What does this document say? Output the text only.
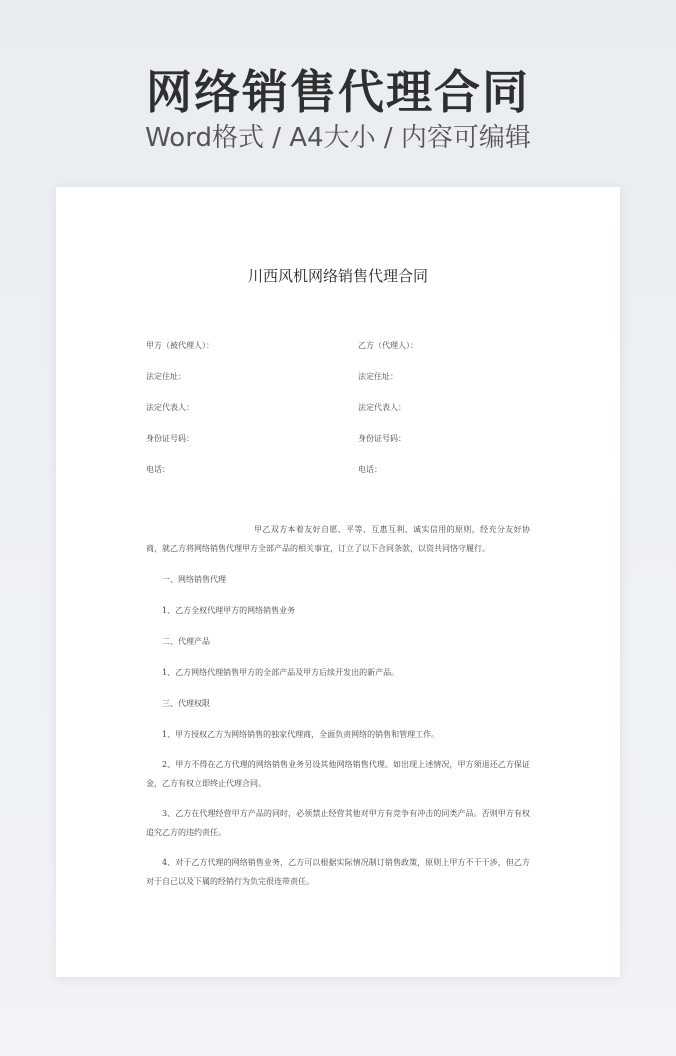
网络销售代理合同
Word格式 / A4大小 / 内容可编辑
川西风机网络销售代理合同
甲方（被代理人）：	乙方（代理人）：
法定住址：	法定住址：
法定代表人：	法定代表人：
身份证号码：	身份证号码：
电话：	电话：
甲乙双方本着友好自愿、平等、互惠互利、诚实信用的原则，经充分友好协商，就乙方将网络销售代理甲方全部产品的相关事宜，订立了以下合同条款，以资共同恪守履行。
一、网络销售代理
1、乙方全权代理甲方的网络销售业务
二、代理产品
1、乙方网络代理销售甲方的全部产品及甲方后续开发出的新产品。
三、代理权限
1、甲方授权乙方为网络销售的独家代理商，全面负责网络的销售和管理工作。
2、甲方不得在乙方代理的网络销售业务另设其他网络销售代理。如出现上述情况，甲方须退还乙方保证金，乙方有权立即终止代理合同。
3、乙方在代理经营甲方产品的同时，必须禁止经营其他对甲方有竞争有冲击的同类产品。否则甲方有权追究乙方的违约责任。
4、对于乙方代理的网络销售业务，乙方可以根据实际情况制订销售政策，原则上甲方不干干涉，但乙方对于自己以及下属的经销行为负完很连带责任。
